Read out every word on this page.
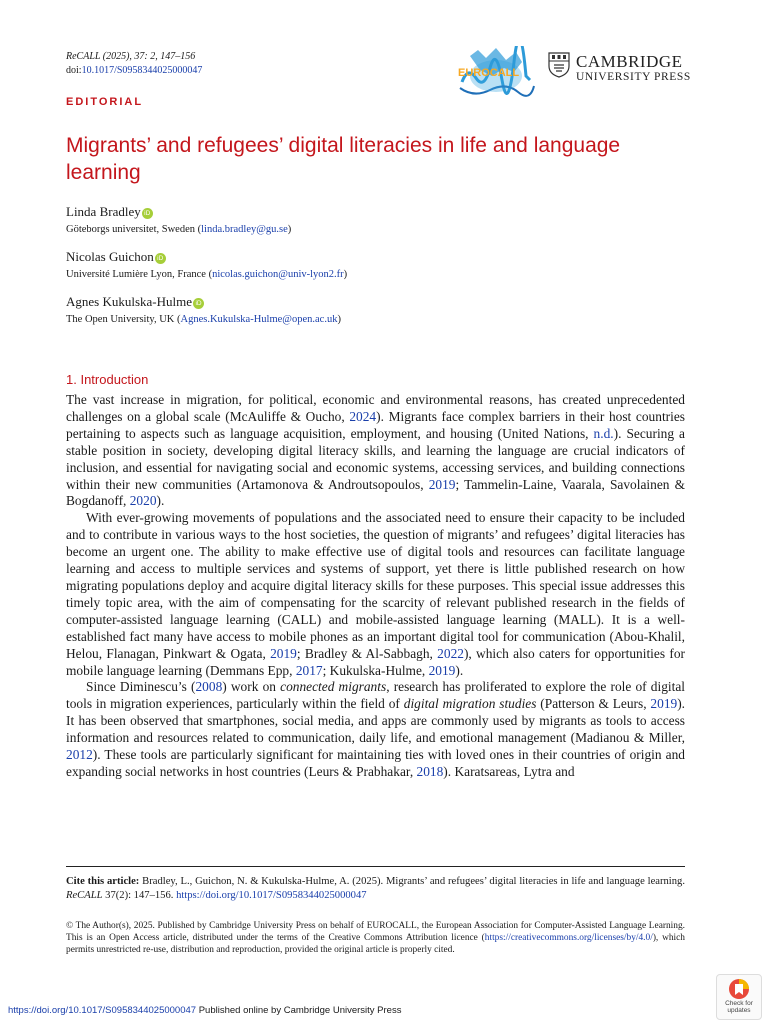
ReCALL (2025), 37: 2, 147–156
doi:10.1017/S0958344025000047	EUROCALL
CAMBRIDGE
UNIVERSITY PRESS
EDITORIAL
Migrants’ and refugees’ digital literacies in life and language learning
Linda Bradley iD
Göteborgs universitet, Sweden (linda.bradley@gu.se)
Nicolas Guichon iD
Université Lumière Lyon, France (nicolas.guichon@univ-lyon2.fr)
Agnes Kukulska-Hulme iD
The Open University, UK (Agnes.Kukulska-Hulme@open.ac.uk)
1. Introduction

The vast increase in migration, for political, economic and environmental reasons, has created unprecedented challenges on a global scale (McAuliffe & Oucho, 2024). Migrants face complex barriers in their host countries pertaining to aspects such as language acquisition, employment, and housing (United Nations, n.d.). Securing a stable position in society, developing digital literacy skills, and learning the language are crucial indicators of inclusion, and essential for navigating social and economic systems, accessing services, and building connections within their new communities (Artamonova & Androutsopoulos, 2019; Tammelin-Laine, Vaarala, Savolainen & Bogdanoff, 2020).

With ever-growing movements of populations and the associated need to ensure their capacity to be included and to contribute in various ways to the host societies, the question of migrants’ and refugees’ digital literacies has become an urgent one. The ability to make effective use of digital tools and resources can facilitate language learning and access to multiple services and systems of support, yet there is little published research on how migrating populations deploy and acquire digital literacy skills for these purposes. This special issue addresses this timely topic area, with the aim of compensating for the scarcity of relevant published research in the fields of computer-assisted language learning (CALL) and mobile-assisted language learning (MALL). It is a well-established fact many have access to mobile phones as an important digital tool for communication (Abou-Khalil, Helou, Flanagan, Pinkwart & Ogata, 2019; Bradley & Al-Sabbagh, 2022), which also caters for opportunities for mobile language learning (Demmans Epp, 2017; Kukulska-Hulme, 2019).

Since Diminescu’s (2008) work on connected migrants, research has proliferated to explore the role of digital tools in migration experiences, particularly within the field of digital migration studies (Patterson & Leurs, 2019). It has been observed that smartphones, social media, and apps are commonly used by migrants as tools to access information and resources related to communication, daily life, and emotional management (Madianou & Miller, 2012). These tools are particularly significant for maintaining ties with loved ones in their countries of origin and expanding social networks in host countries (Leurs & Prabhakar, 2018). Karatsareas, Lytra and

Cite this article: Bradley, L., Guichon, N. & Kukulska-Hulme, A. (2025). Migrants’ and refugees’ digital literacies in life and language learning. ReCALL 37(2): 147–156. https://doi.org/10.1017/S0958344025000047
© The Author(s), 2025. Published by Cambridge University Press on behalf of EUROCALL, the European Association for Computer-Assisted Language Learning. This is an Open Access article, distributed under the terms of the Creative Commons Attribution licence (https://creativecommons.org/licenses/by/4.0/), which permits unrestricted re-use, distribution and reproduction, provided the original article is properly cited.
https://doi.org/10.1017/S0958344025000047 Published online by Cambridge University Press
Check for
updates
